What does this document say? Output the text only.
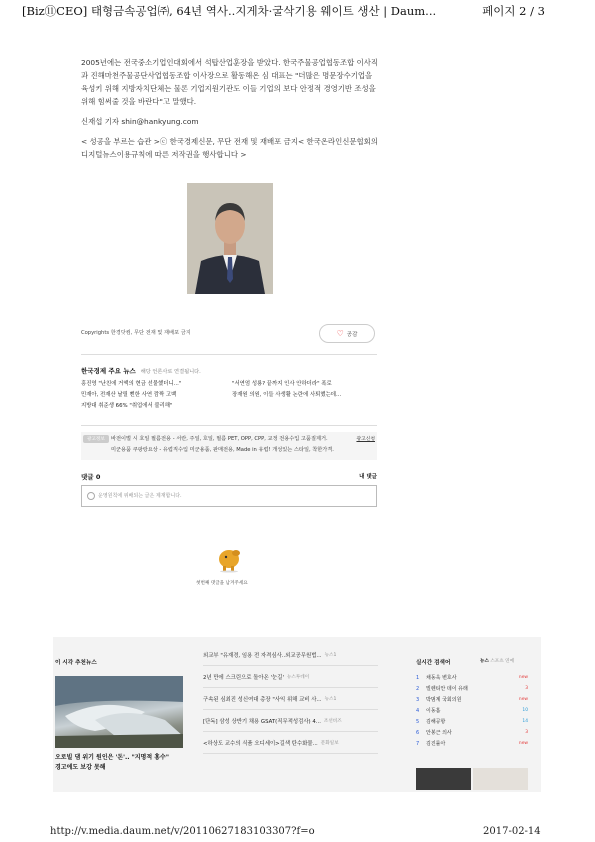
[Biz⑪CEO] 태형금속공업㈜, 64년 역사..지게차·굴삭기용 웨이트 생산 | Daum...	페이지 2 / 3

2005년에는 전국중소기업인대회에서 석탑산업훈장을 받았다. 한국주물공업협동조합 이사직과 진해마천주물공단사업협동조합 이사장으로 활동해온 심 대표는 "더많은 명문장수기업을 육성키 위해 지방자치단체는 물론 기업지원기관도 이들 기업의 보다 안정적 경영기반 조성을 위해 힘써줄 것을 바란다"고 말했다.

신재섭 기자 shin@hankyung.com

< 성공을 부르는 습관 >ⓒ 한국경제신문, 무단 전재 및 재배포 금지< 한국온라인신문협회의 디지털뉴스이용규칙에 따른 저작권을 행사합니다 >

Copyrights 한경닷컴, 무단 전재 및 재배포 금지	♡ 공감
한국경제 주요 뉴스 해당 언론사로 연결됩니다.
흥진영 "난친에 거액의 현금 선물했더니..."
민재아, 전재산 날릴 뻔한 사연 깜짝 고백
지방대 취준생 66% "취업에서 불리해"
"서연엄 성룡? 끝까지 인사 안하더라" 폭로
장재원 의원, 이들 사생활 논란에 사퇴했는데...
광고정보	바전이벌 시 호일 필름전용 - 서란, 주일, 호일, 필름 PET, OPP, CPP, 교정 전용수입 고품질제거.
미군용품 쿠팡랑요상 - 유럽직수입 미군용품, 판매전용, Made in 유럽! 개성있는 스타일, 착한가격.
광고신청
댓글 0	내 댓글
운영원칙에 위배되는 글은 제재합니다.
첫번째 댓글을 남겨주세요
이 시각 추천뉴스
오로빌 댐 위기 원인은 '돈'.. "지명적 홍수"
경고에도 보강 못해
외교부 "유재경, 임용 전 자격심사..외교공무원법... 뉴스1
2년 만에 스크린으로 돌아온 '눈길' 뉴스투데이
구속된 심최진 성신여대 총장 "사익 위해 교비 사... 뉴스1
[단독] 삼성 상반기 채용 GSAT(직무적성검사) 4... 조선비즈
<하상도 교수의 식품 오디세이>길색 탄수화물... 문화일보
실시간 검색어	뉴스 스포츠 연예
1	채동욱 변호사	new
2	빌렌티안 데이 유래	3
3	박범계 국회의원	new
4	이동흡	10
5	김해공항	14
6	안봉근 의사	3
7	김진률아	new
http://v.media.daum.net/v/20110627183103307?f=o	2017-02-14
